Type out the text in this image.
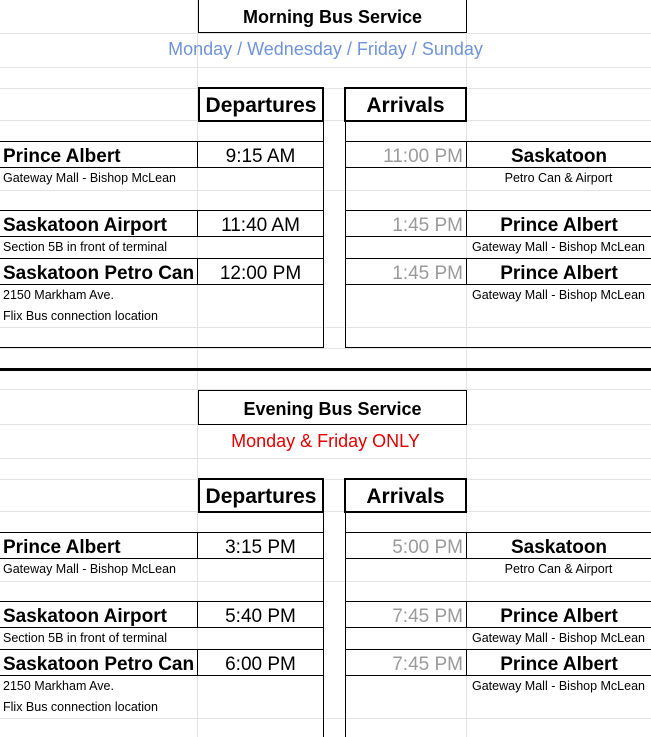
Morning Bus Service
Monday / Wednesday / Friday / Sunday
Departures	Arrivals
Prince Albert	9:15 AM	11:00 PM	Saskatoon
Gateway Mall - Bishop McLean	Petro Can & Airport
Saskatoon Airport	11:40 AM	1:45 PM	Prince Albert
Section 5B in front of terminal	Gateway Mall - Bishop McLean
Saskatoon Petro Can	12:00 PM	1:45 PM	Prince Albert
2150 Markham Ave.
Flix Bus connection location
Gateway Mall - Bishop McLean
Evening Bus Service
Monday & Friday ONLY
Departures	Arrivals
Prince Albert	3:15 PM	5:00 PM	Saskatoon
Gateway Mall - Bishop McLean	Petro Can & Airport
Saskatoon Airport	5:40 PM	7:45 PM	Prince Albert
Section 5B in front of terminal	Gateway Mall - Bishop McLean
Saskatoon Petro Can	6:00 PM	7:45 PM	Prince Albert
2150 Markham Ave.
Flix Bus connection location
Gateway Mall - Bishop McLean
